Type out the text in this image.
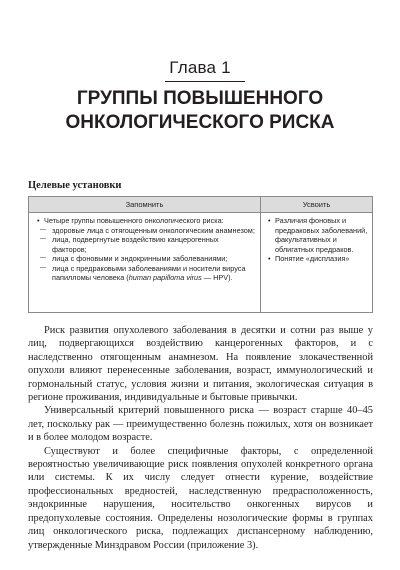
Глава 1
ГРУППЫ ПОВЫШЕННОГО
ОНКОЛОГИЧЕСКОГО РИСКА
Целевые установки
Запомнить	Усвоить
• Четыре группы повышенного онкологического риска:
— здоровые лица с отягощенным онкологическим анамнезом;
— лица, подвергнутые воздействию канцерогенных факторов;
— лица с фоновыми и эндокринными заболеваниями;
— лица с предраковыми заболеваниями и носители вируса папилломы человека (human papilloma virus — HPV).
• Различия фоновых и предраковых заболеваний, факультативных и облигатных предраков.
• Понятие «дисплазия»

Риск развития опухолевого заболевания в десятки и сотни раз выше у лиц, подвергающихся воздействию канцерогенных факторов, и с наследственно отягощенным анамнезом. На появление злокачественной опухоли влияют перенесенные заболевания, возраст, иммунологический и гормональный статус, условия жизни и питания, экологическая ситуация в регионе проживания, индивидуальные и бытовые привычки.

Универсальный критерий повышенного риска — возраст старше 40–45 лет, поскольку рак — преимущественно болезнь пожилых, хотя он возникает и в более молодом возрасте.

Существуют и более специфичные факторы, с определенной вероятностью увеличивающие риск появления опухолей конкретного органа или системы. К их числу следует отнести курение, воздействие профессиональных вредностей, наследственную предрасположенность, эндокринные нарушения, носительство онкогенных вирусов и предопухолевые состояния. Определены нозологические формы в группах лиц онкологического риска, подлежащих диспансерному наблюдению, утвержденные Минздравом России (приложение 3).
